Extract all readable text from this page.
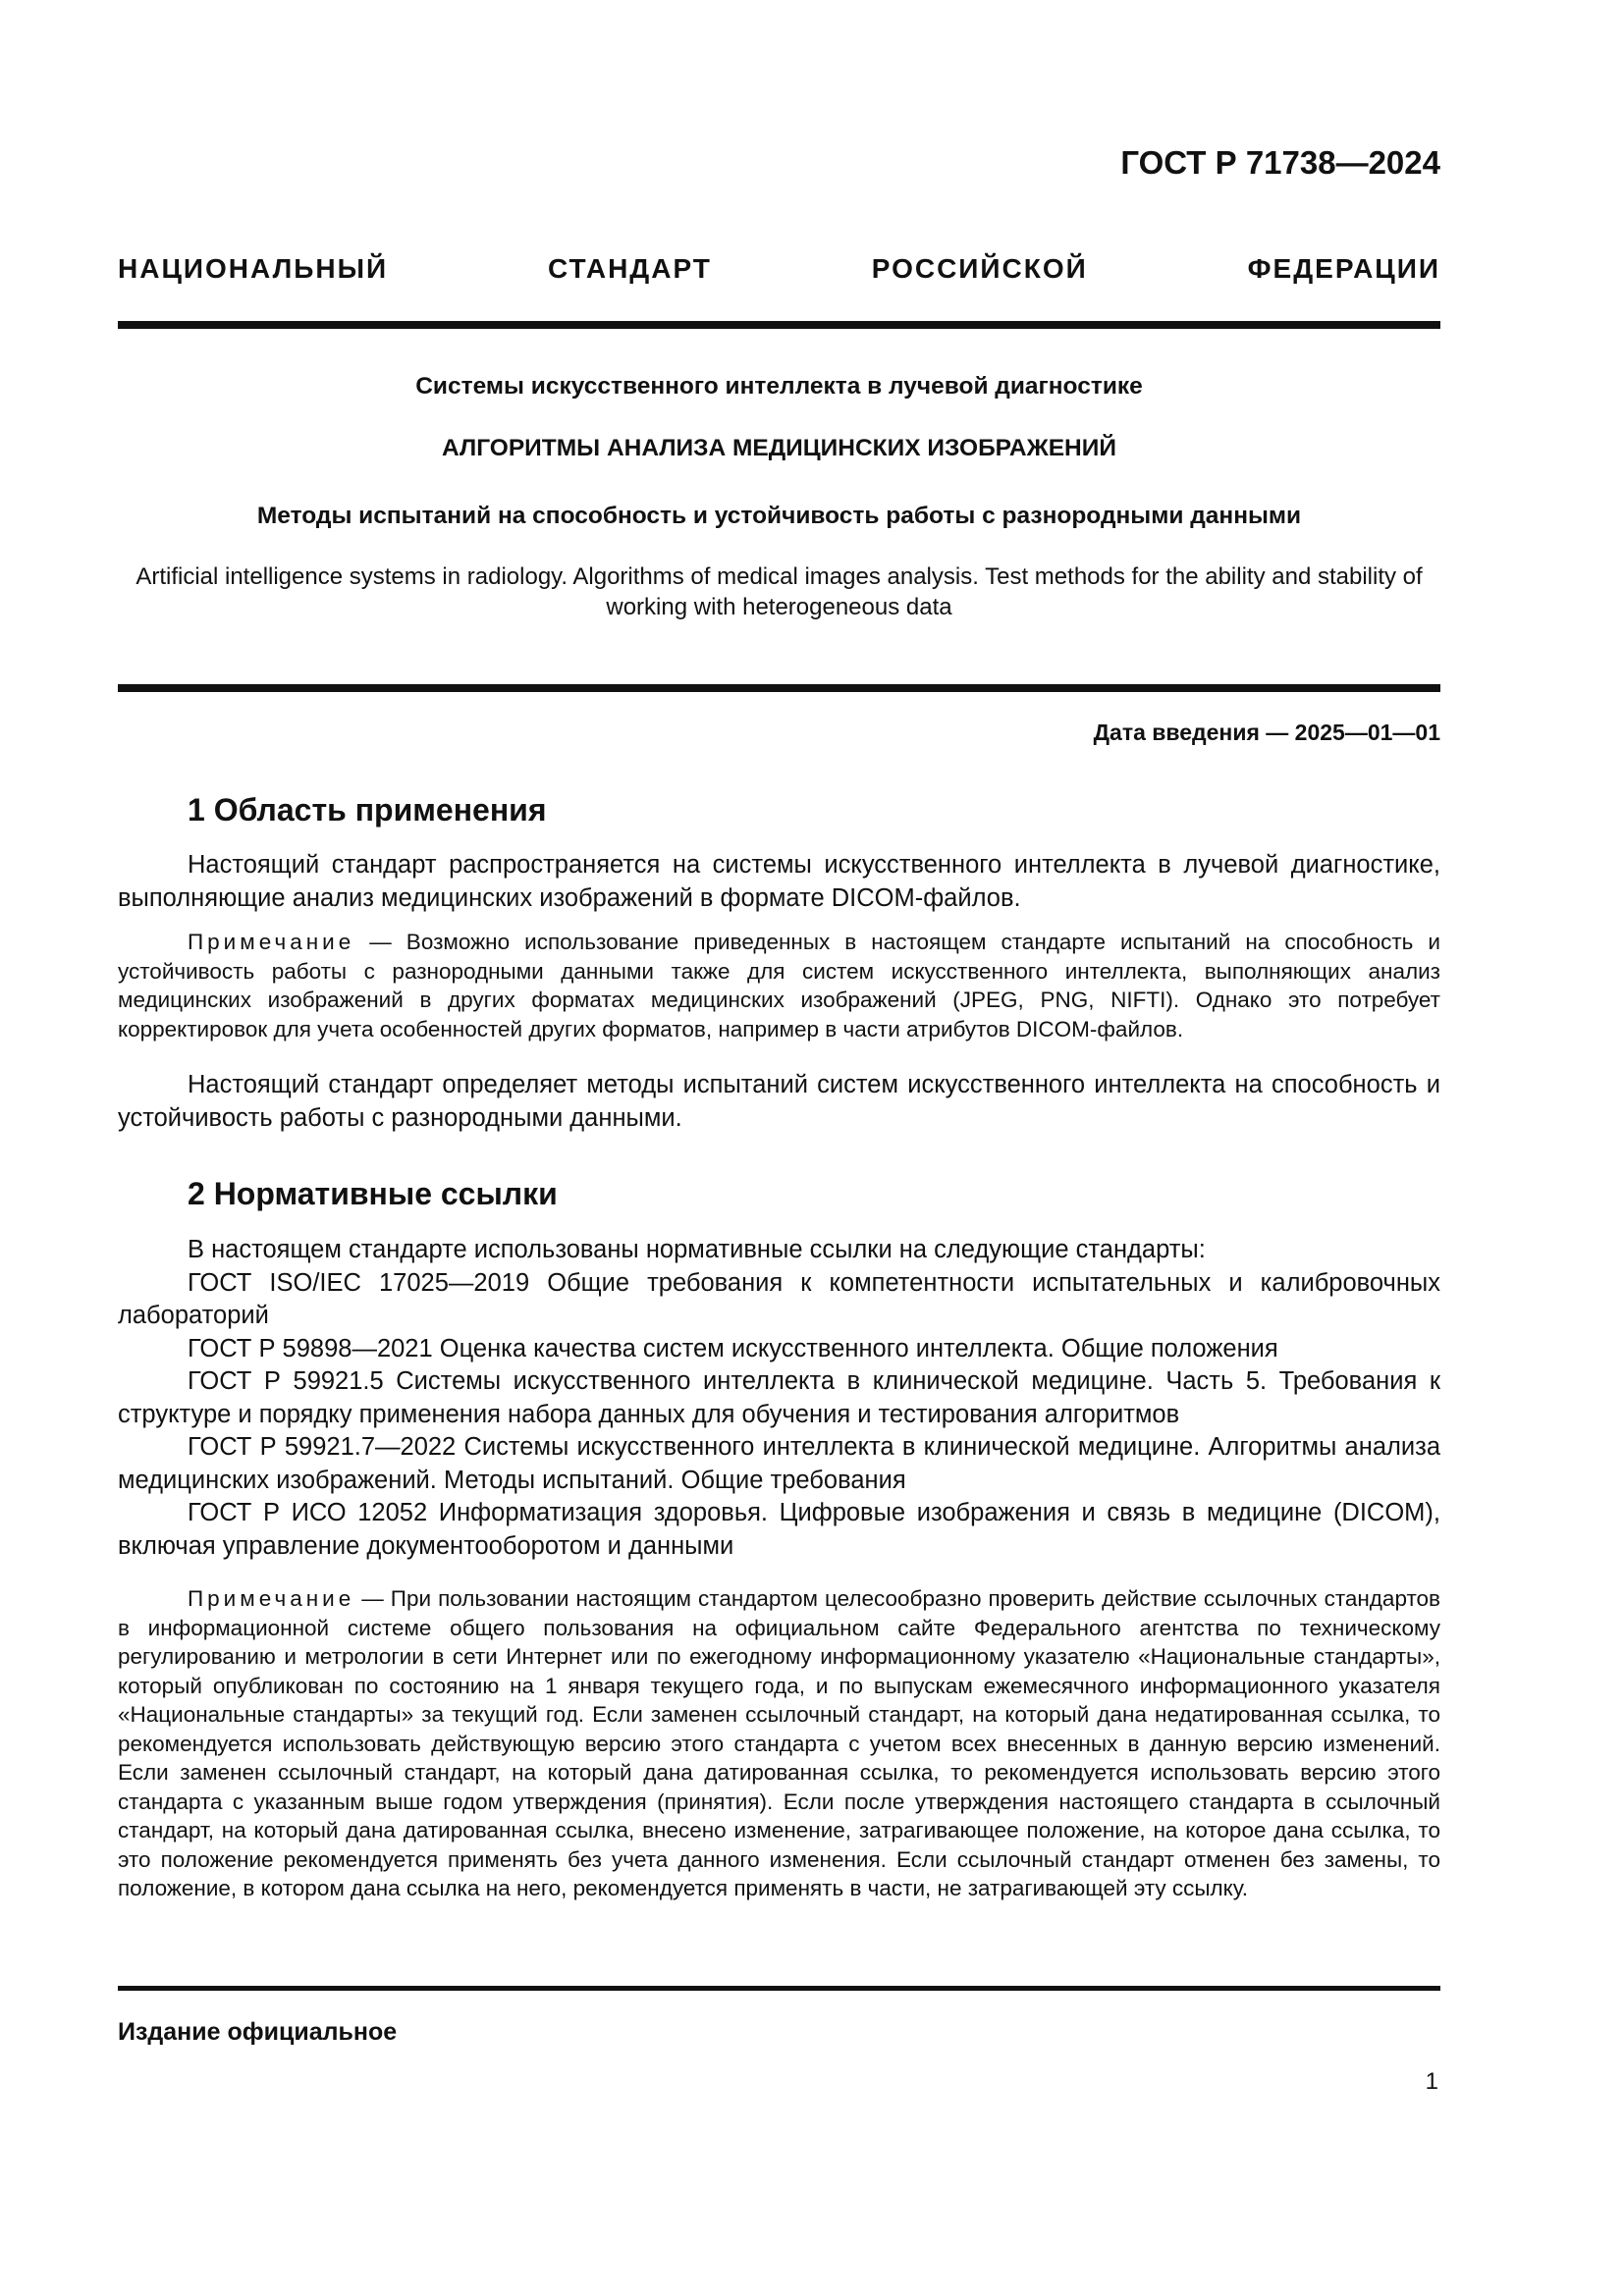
ГОСТ Р 71738—2024
НАЦИОНАЛЬНЫЙ СТАНДАРТ РОССИЙСКОЙ ФЕДЕРАЦИИ
Системы искусственного интеллекта в лучевой диагностике
АЛГОРИТМЫ АНАЛИЗА МЕДИЦИНСКИХ ИЗОБРАЖЕНИЙ
Методы испытаний на способность и устойчивость работы с разнородными данными
Artificial intelligence systems in radiology. Algorithms of medical images analysis. Test methods for the ability and stability of working with heterogeneous data
Дата введения — 2025—01—01
1 Область применения

Настоящий стандарт распространяется на системы искусственного интеллекта в лучевой диагностике, выполняющие анализ медицинских изображений в формате DICOM-файлов.

Примечание — Возможно использование приведенных в настоящем стандарте испытаний на способность и устойчивость работы с разнородными данными также для систем искусственного интеллекта, выполняющих анализ медицинских изображений в других форматах медицинских изображений (JPEG, PNG, NIFTI). Однако это потребует корректировок для учета особенностей других форматов, например в части атрибутов DICOM-файлов.

Настоящий стандарт определяет методы испытаний систем искусственного интеллекта на способность и устойчивость работы с разнородными данными.

2 Нормативные ссылки

В настоящем стандарте использованы нормативные ссылки на следующие стандарты:

ГОСТ ISO/IEC 17025—2019 Общие требования к компетентности испытательных и калибровочных лабораторий

ГОСТ Р 59898—2021 Оценка качества систем искусственного интеллекта. Общие положения

ГОСТ Р 59921.5 Системы искусственного интеллекта в клинической медицине. Часть 5. Требования к структуре и порядку применения набора данных для обучения и тестирования алгоритмов

ГОСТ Р 59921.7—2022 Системы искусственного интеллекта в клинической медицине. Алгоритмы анализа медицинских изображений. Методы испытаний. Общие требования

ГОСТ Р ИСО 12052 Информатизация здоровья. Цифровые изображения и связь в медицине (DICOM), включая управление документооборотом и данными

Примечание — При пользовании настоящим стандартом целесообразно проверить действие ссылочных стандартов в информационной системе общего пользования на официальном сайте Федерального агентства по техническому регулированию и метрологии в сети Интернет или по ежегодному информационному указателю «Национальные стандарты», который опубликован по состоянию на 1 января текущего года, и по выпускам ежемесячного информационного указателя «Национальные стандарты» за текущий год. Если заменен ссылочный стандарт, на который дана недатированная ссылка, то рекомендуется использовать действующую версию этого стандарта с учетом всех внесенных в данную версию изменений. Если заменен ссылочный стандарт, на который дана датированная ссылка, то рекомендуется использовать версию этого стандарта с указанным выше годом утверждения (принятия). Если после утверждения настоящего стандарта в ссылочный стандарт, на который дана датированная ссылка, внесено изменение, затрагивающее положение, на которое дана ссылка, то это положение рекомендуется применять без учета данного изменения. Если ссылочный стандарт отменен без замены, то положение, в котором дана ссылка на него, рекомендуется применять в части, не затрагивающей эту ссылку.

Издание официальное
1
